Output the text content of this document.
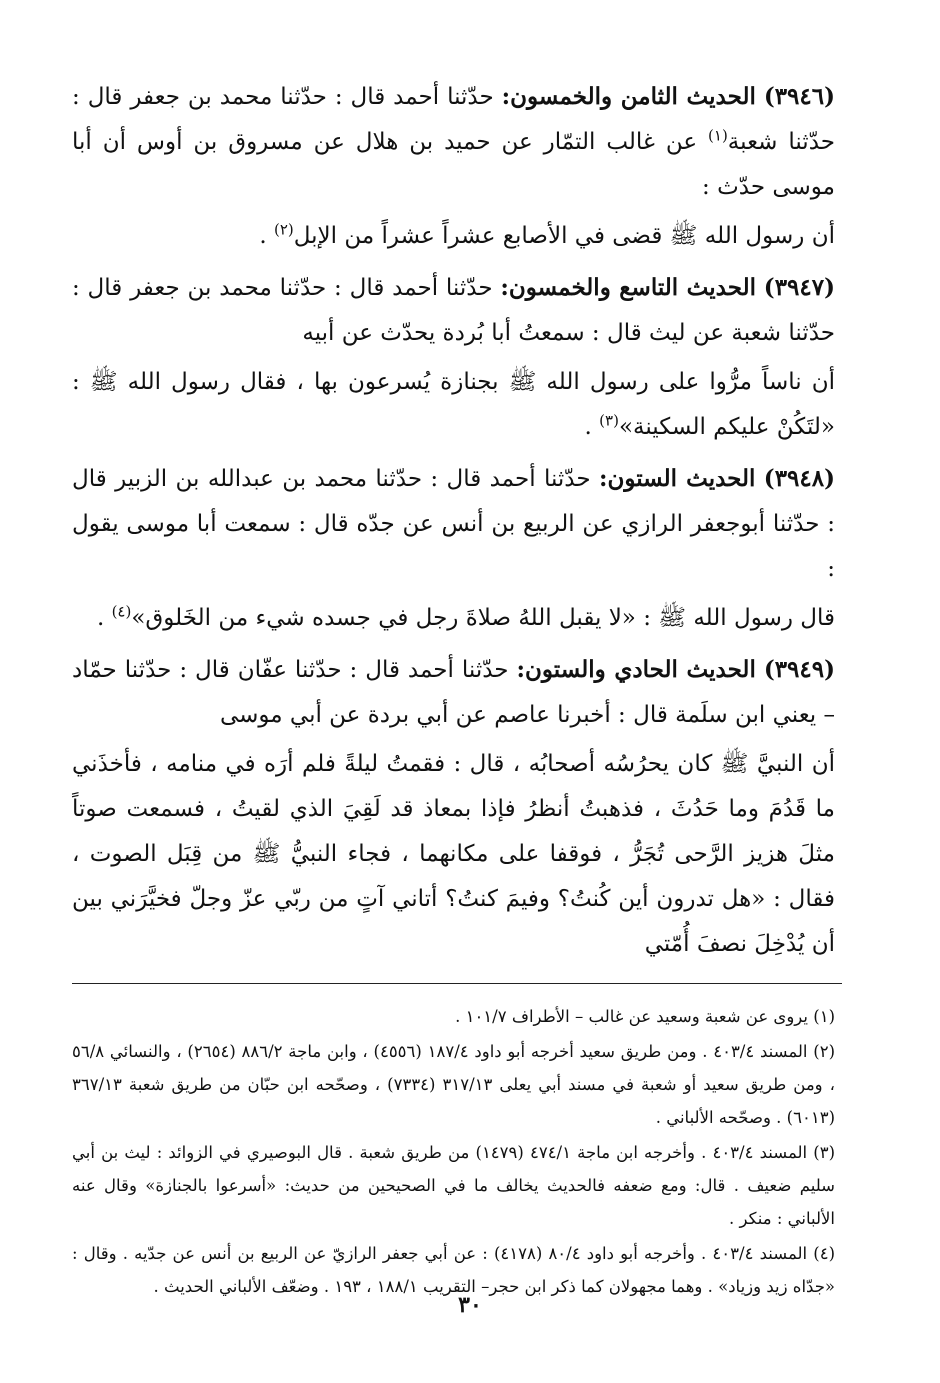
(٣٩٤٦) الحديث الثامن والخمسون: حدّثنا أحمد قال : حدّثنا محمد بن جعفر قال : حدّثنا شعبة$^{(١)}$ عن غالب التمّار عن حميد بن هلال عن مسروق بن أوس أن أبا موسى حدّث :

أن رسول الله ﷺ قضى في الأصابع عشراً عشراً من الإبل$^{(٢)}$ .

(٣٩٤٧) الحديث التاسع والخمسون: حدّثنا أحمد قال : حدّثنا محمد بن جعفر قال : حدّثنا شعبة عن ليث قال : سمعتُ أبا بُردة يحدّث عن أبيه

أن ناساً مرُّوا على رسول الله ﷺ بجنازة يُسرعون بها ، فقال رسول الله ﷺ : «لتَكُنْ عليكم السكينة»$^{(٣)}$ .

(٣٩٤٨) الحديث الستون: حدّثنا أحمد قال : حدّثنا محمد بن عبدالله بن الزبير قال : حدّثنا أبوجعفر الرازي عن الربيع بن أنس عن جدّه قال : سمعت أبا موسى يقول :

قال رسول الله ﷺ : «لا يقبل اللهُ صلاةَ رجل في جسده شيء من الخَلوق»$^{(٤)}$ .

(٣٩٤٩) الحديث الحادي والستون: حدّثنا أحمد قال : حدّثنا عفّان قال : حدّثنا حمّاد – يعني ابن سلَمة قال : أخبرنا عاصم عن أبي بردة عن أبي موسى

أن النبيَّ ﷺ كان يحرُسُه أصحابُه ، قال : فقمتُ ليلةً فلم أرَه في منامه ، فأخذَني ما قَدُمَ وما حَدُثَ ، فذهبتُ أنظرُ فإذا بمعاذ قد لَقِيَ الذي لقيتُ ، فسمعت صوتاً مثلَ هزيز الرَّحى تُجَرُّ ، فوقفا على مكانهما ، فجاء النبيُّ ﷺ من قِبَل الصوت ، فقال : «هل تدرون أين كُنتُ؟ وفيمَ كنتُ؟ أتاني آتٍ من ربّي عزّ وجلّ فخيَّرَني بين أن يُدْخِلَ نصفَ أُمّتي

(١) يروى عن شعبة وسعيد عن غالب – الأطراف ١٠١/٧ .

(٢) المسند ٤٠٣/٤ . ومن طريق سعيد أخرجه أبو داود ١٨٧/٤ (٤٥٥٦) ، وابن ماجة ٨٨٦/٢ (٢٦٥٤) ، والنسائي ٥٦/٨ ، ومن طريق سعيد أو شعبة في مسند أبي يعلى ٣١٧/١٣ (٧٣٣٤) ، وصحّحه ابن حبّان من طريق شعبة ٣٦٧/١٣ (٦٠١٣) . وصحّحه الألباني .

(٣) المسند ٤٠٣/٤ . وأخرجه ابن ماجة ٤٧٤/١ (١٤٧٩) من طريق شعبة . قال البوصيري في الزوائد : ليث بن أبي سليم ضعيف . قال: ومع ضعفه فالحديث يخالف ما في الصحيحين من حديث: «أسرعوا بالجنازة» وقال عنه الألباني : منكر .

(٤) المسند ٤٠٣/٤ . وأخرجه أبو داود ٨٠/٤ (٤١٧٨) : عن أبي جعفر الرازيّ عن الربيع بن أنس عن جدّيه . وقال : «جدّاه زيد وزياد» . وهما مجهولان كما ذكر ابن حجر– التقريب ١٨٨/١ ، ١٩٣ . وضعّف الألباني الحديث .

٣٠
